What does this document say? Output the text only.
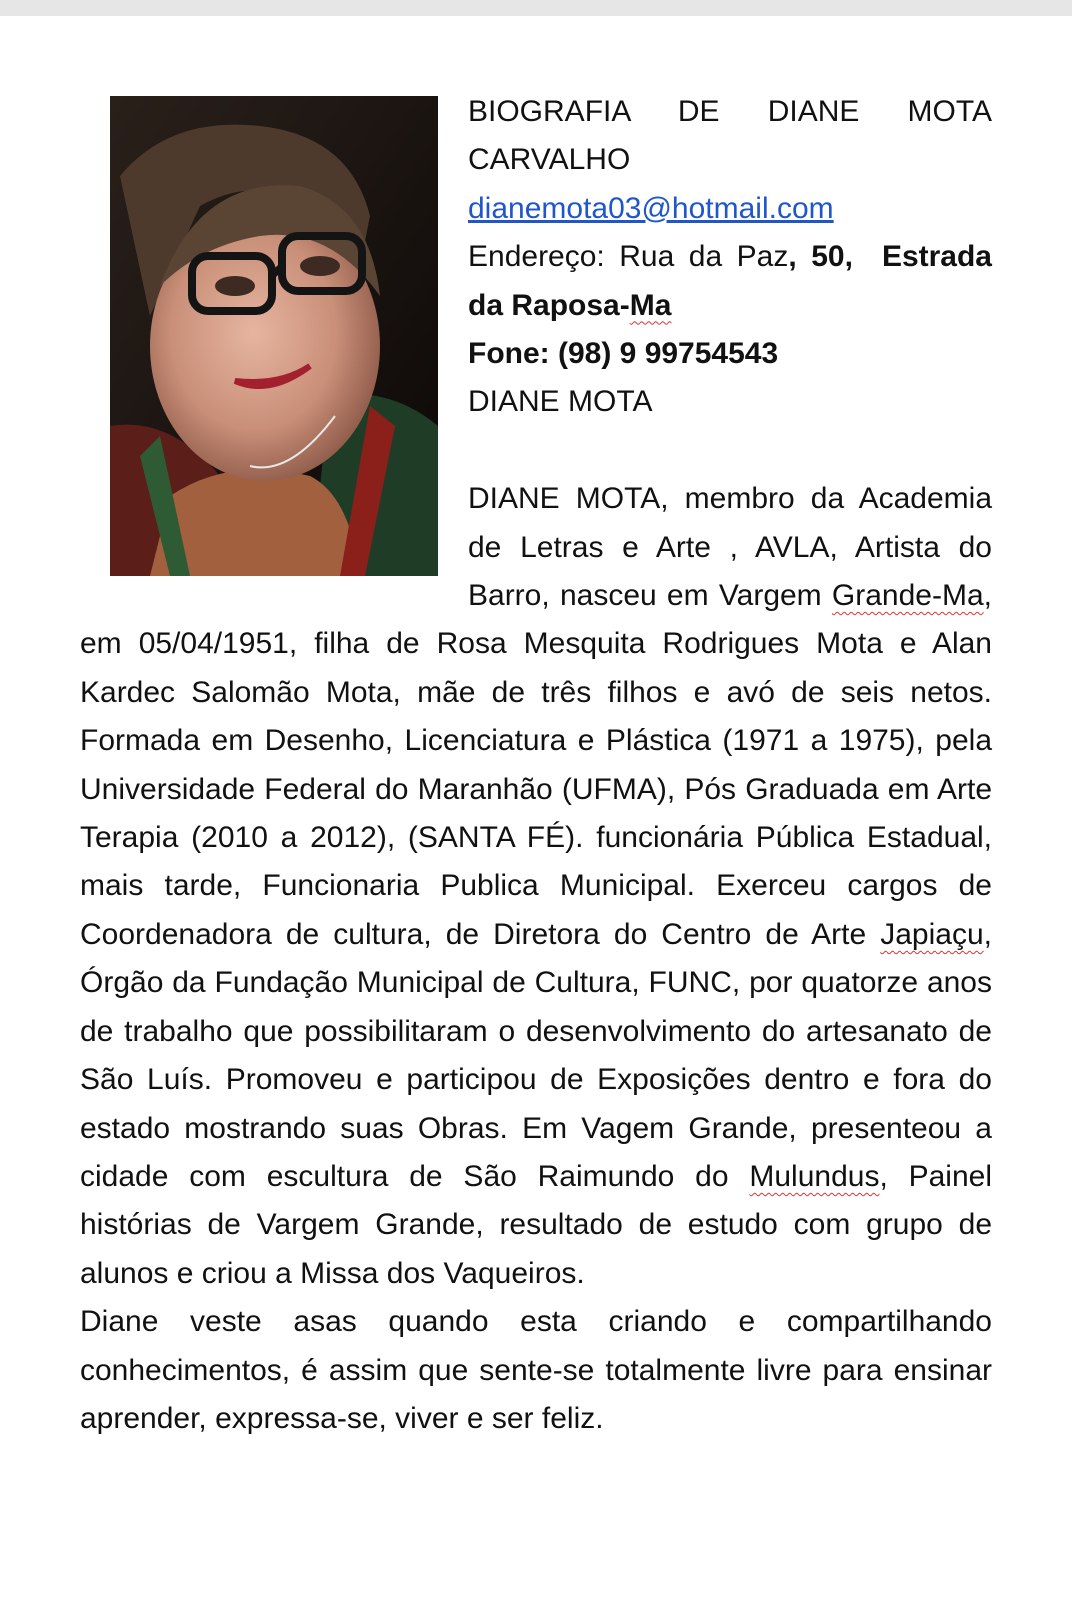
BIOGRAFIA DE DIANE MOTA CARVALHO
dianemota03@hotmail.com
Endereço: Rua da Paz, 50, Estrada
da Raposa-Ma
Fone: (98) 9 99754543
DIANE MOTA

DIANE MOTA, membro da Academia de Letras e Arte , AVLA, Artista do Barro, nasceu em Vargem Grande-Ma, em 05/04/1951, filha de Rosa Mesquita Rodrigues Mota e Alan Kardec Salomão Mota, mãe de três filhos e avó de seis netos. Formada em Desenho, Licenciatura e Plástica (1971 a 1975), pela Universidade Federal do Maranhão (UFMA), Pós Graduada em Arte Terapia (2010 a 2012), (SANTA FÉ). funcionária Pública Estadual, mais tarde, Funcionaria Publica Municipal. Exerceu cargos de Coordenadora de cultura, de Diretora do Centro de Arte Japiaçu, Órgão da Fundação Municipal de Cultura, FUNC, por quatorze anos de trabalho que possibilitaram o desenvolvimento do artesanato de São Luís. Promoveu e participou de Exposições dentro e fora do estado mostrando suas Obras. Em Vagem Grande, presenteou a cidade com escultura de São Raimundo do Mulundus, Painel histórias de Vargem Grande, resultado de estudo com grupo de alunos e criou a Missa dos Vaqueiros.

Diane veste asas quando esta criando e compartilhando conhecimentos, é assim que sente-se totalmente livre para ensinar aprender, expressa-se, viver e ser feliz.
